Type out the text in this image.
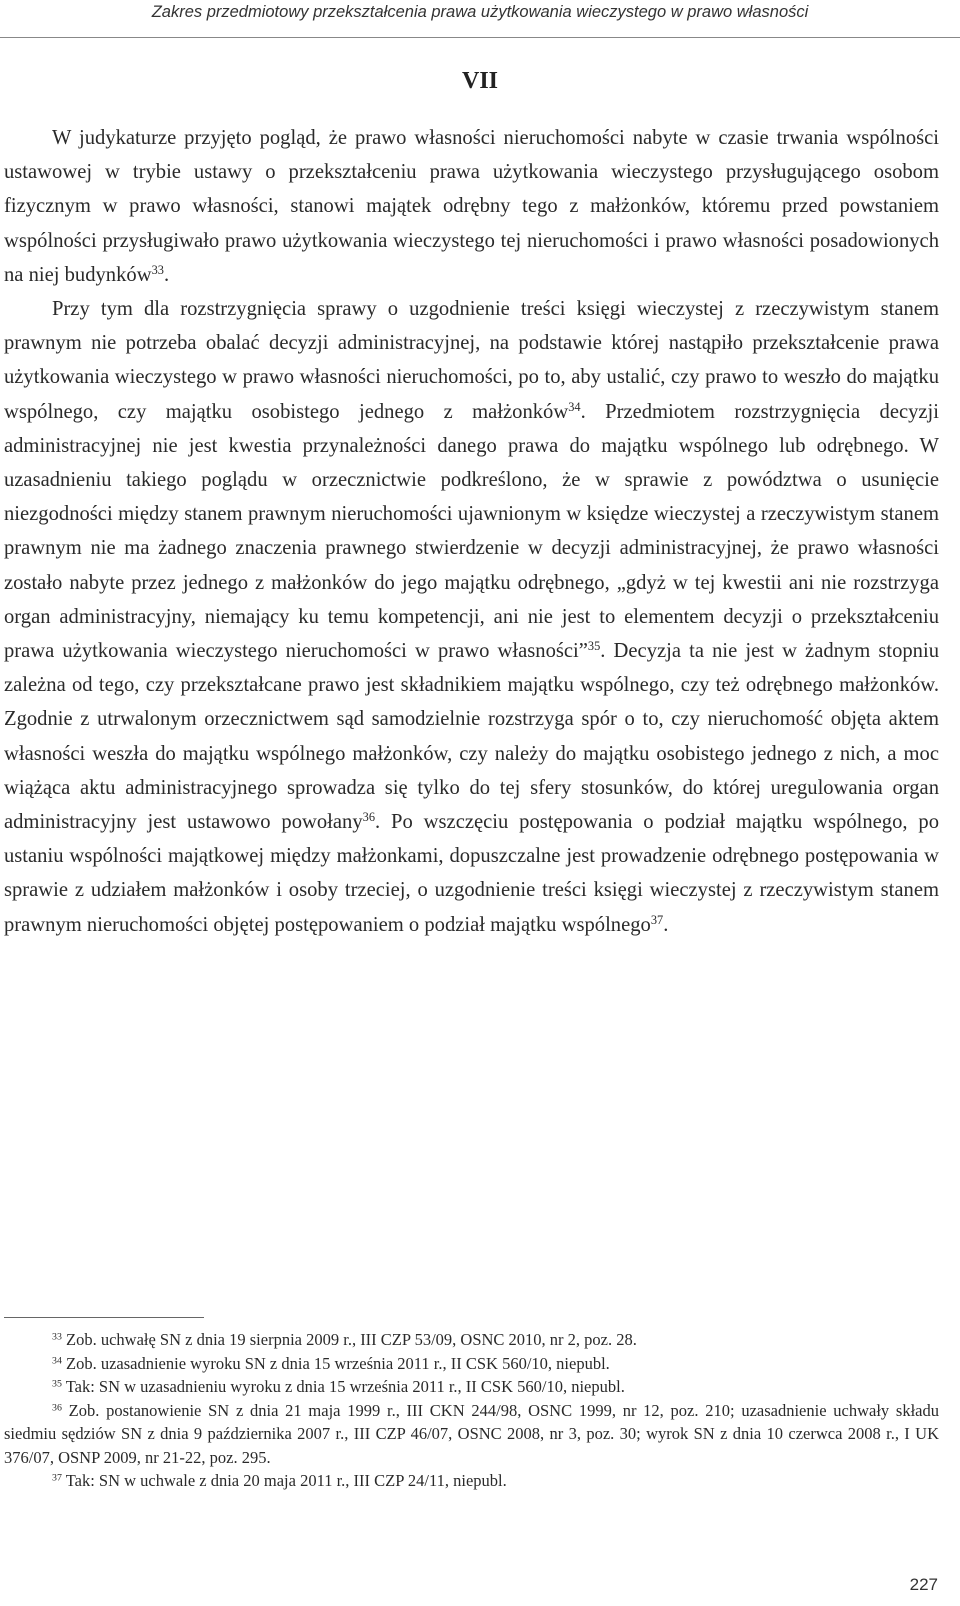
Zakres przedmiotowy przekształcenia prawa użytkowania wieczystego w prawo własności
VII

W judykaturze przyjęto pogląd, że prawo własności nieruchomości nabyte w czasie trwania wspólności ustawowej w trybie ustawy o przekształceniu prawa użytkowania wieczystego przysługującego osobom fizycznym w prawo własności, stanowi majątek odrębny tego z małżonków, któremu przed powstaniem wspólności przysługiwało prawo użytkowania wieczystego tej nieruchomości i prawo własności posadowionych na niej budynków$^{33}$.

Przy tym dla rozstrzygnięcia sprawy o uzgodnienie treści księgi wieczystej z rzeczywistym stanem prawnym nie potrzeba obalać decyzji administracyjnej, na podstawie której nastąpiło przekształcenie prawa użytkowania wieczystego w prawo własności nieruchomości, po to, aby ustalić, czy prawo to weszło do majątku wspólnego, czy majątku osobistego jednego z małżonków$^{34}$. Przedmiotem rozstrzygnięcia decyzji administracyjnej nie jest kwestia przynależności danego prawa do majątku wspólnego lub odrębnego. W uzasadnieniu takiego poglądu w orzecznictwie podkreślono, że w sprawie z powództwa o usunięcie niezgodności między stanem prawnym nieruchomości ujawnionym w księdze wieczystej a rzeczywistym stanem prawnym nie ma żadnego znaczenia prawnego stwierdzenie w decyzji administracyjnej, że prawo własności zostało nabyte przez jednego z małżonków do jego majątku odrębnego, „gdyż w tej kwestii ani nie rozstrzyga organ administracyjny, niemający ku temu kompetencji, ani nie jest to elementem decyzji o przekształceniu prawa użytkowania wieczystego nieruchomości w prawo własności”$^{35}$. Decyzja ta nie jest w żadnym stopniu zależna od tego, czy przekształcane prawo jest składnikiem majątku wspólnego, czy też odrębnego małżonków. Zgodnie z utrwalonym orzecznictwem sąd samodzielnie rozstrzyga spór o to, czy nieruchomość objęta aktem własności weszła do majątku wspólnego małżonków, czy należy do majątku osobistego jednego z nich, a moc wiążąca aktu administracyjnego sprowadza się tylko do tej sfery stosunków, do której uregulowania organ administracyjny jest ustawowo powołany$^{36}$. Po wszczęciu postępowania o podział majątku wspólnego, po ustaniu wspólności majątkowej między małżonkami, dopuszczalne jest prowadzenie odrębnego postępowania w sprawie z udziałem małżonków i osoby trzeciej, o uzgodnienie treści księgi wieczystej z rzeczywistym stanem prawnym nieruchomości objętej postępowaniem o podział majątku wspólnego$^{37}$.

$^{33}$ Zob. uchwałę SN z dnia 19 sierpnia 2009 r., III CZP 53/09, OSNC 2010, nr 2, poz. 28.

$^{34}$ Zob. uzasadnienie wyroku SN z dnia 15 września 2011 r., II CSK 560/10, niepubl.

$^{35}$ Tak: SN w uzasadnieniu wyroku z dnia 15 września 2011 r., II CSK 560/10, niepubl.

$^{36}$ Zob. postanowienie SN z dnia 21 maja 1999 r., III CKN 244/98, OSNC 1999, nr 12, poz. 210; uzasadnienie uchwały składu siedmiu sędziów SN z dnia 9 października 2007 r., III CZP 46/07, OSNC 2008, nr 3, poz. 30; wyrok SN z dnia 10 czerwca 2008 r., I UK 376/07, OSNP 2009, nr 21-22, poz. 295.

$^{37}$ Tak: SN w uchwale z dnia 20 maja 2011 r., III CZP 24/11, niepubl.

227
